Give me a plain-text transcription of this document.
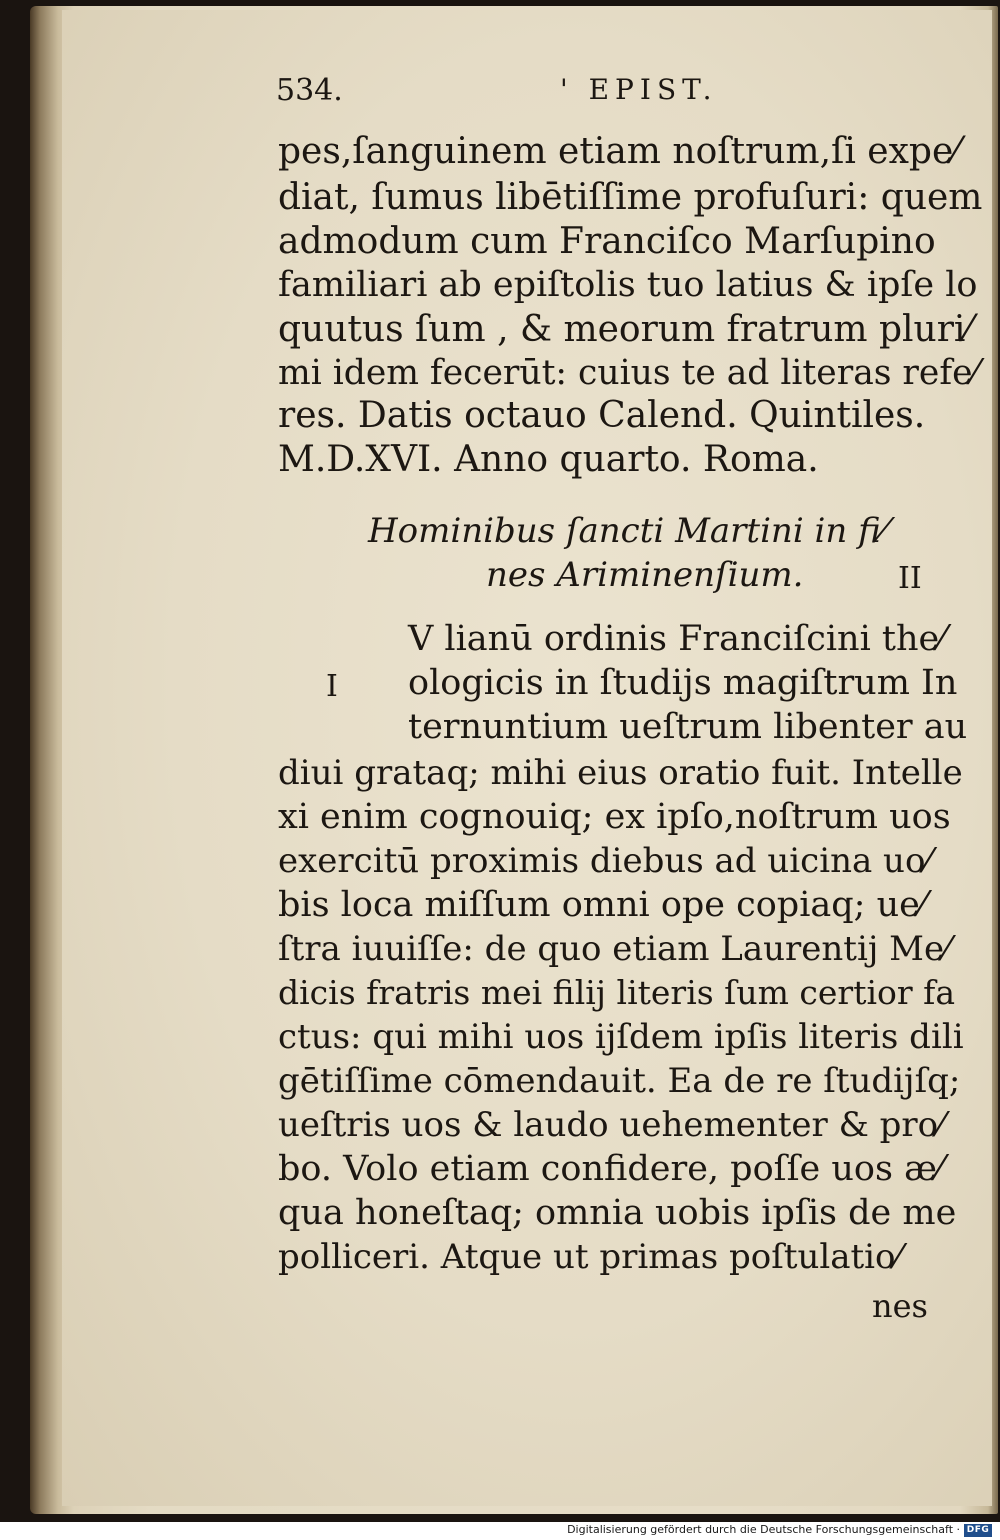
534.	' EPIST.
pes,ſanguinem etiam noſtrum,ſi expe⁄
diat, ſumus libētiſſime profuſuri: quem
admodum cum Franciſco Marſupino
familiari ab epiſtolis tuo latius & ipſe lo
quutus ſum , & meorum fratrum pluri⁄
mi idem fecerūt: cuius te ad literas refe⁄
res. Datis octauo Calend. Quintiles.
M.D.XVI. Anno quarto. Roma.
Hominibus ſancti Martini in fi⁄
nes Ariminenſium.	II
I
V lianū ordinis Franciſcini the⁄
ologicis in ſtudijs magiſtrum In
ternuntium ueſtrum libenter au
diui grataq; mihi eius oratio fuit. Intelle
xi enim cognouiq; ex ipſo,noſtrum uos
exercitū proximis diebus ad uicina uo⁄
bis loca miſſum omni ope copiaq; ue⁄
ſtra iuuiſſe: de quo etiam Laurentij Me⁄
dicis fratris mei filij literis ſum certior fa
ctus: qui mihi uos ijſdem ipſis literis dili
gētiſſime cōmendauit. Ea de re ſtudijſq;
ueſtris uos & laudo uehementer & pro⁄
bo. Volo etiam confidere, poſſe uos æ⁄
qua honeſtaq; omnia uobis ipſis de me
polliceri. Atque ut primas poſtulatio⁄
nes
Digitalisierung gefördert durch die Deutsche Forschungsgemeinschaft · DFG
